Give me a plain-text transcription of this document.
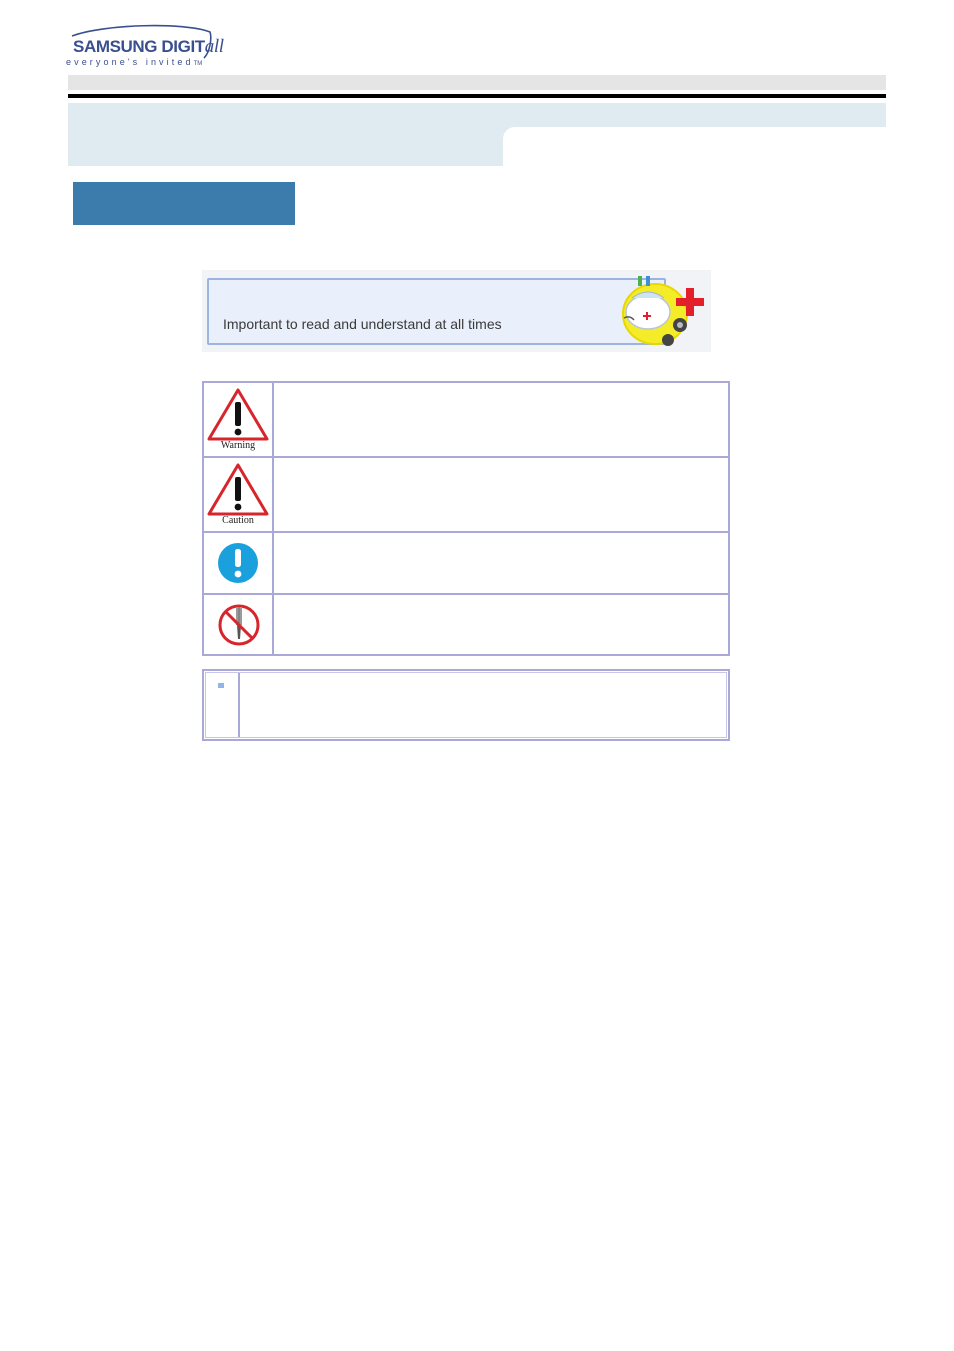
SAMSUNG DIGITall
everyone's invitedTM
Important to read and understand at all times
Warning
Caution
